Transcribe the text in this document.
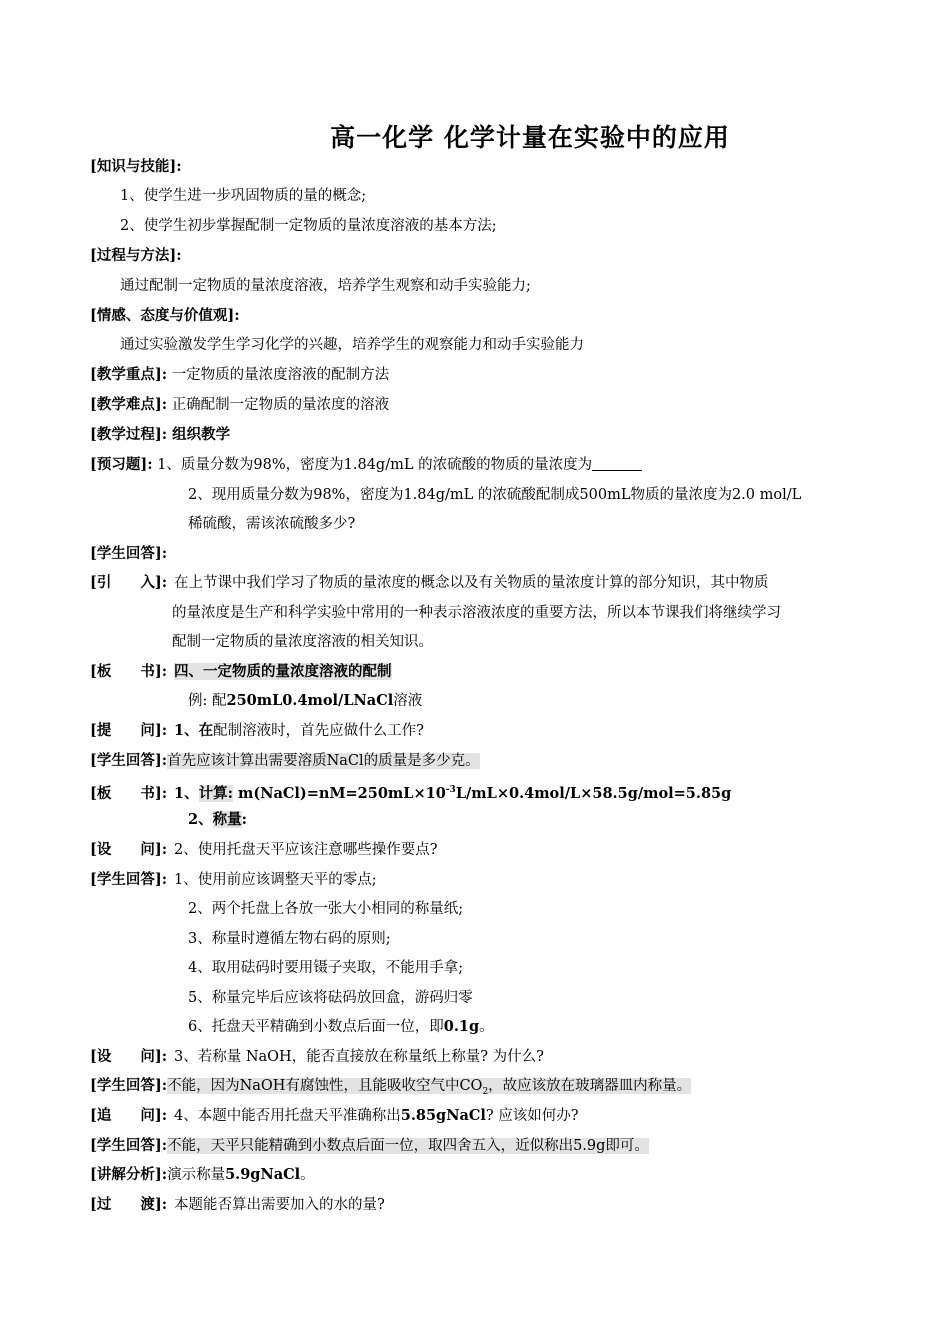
高一化学 化学计量在实验中的应用
[知识与技能]:
1、使学生进一步巩固物质的量的概念;
2、使学生初步掌握配制一定物质的量浓度溶液的基本方法;
[过程与方法]:
通过配制一定物质的量浓度溶液，培养学生观察和动手实验能力;
[情感、态度与价值观]:
通过实验激发学生学习化学的兴趣，培养学生的观察能力和动手实验能力
[教学重点]: 一定物质的量浓度溶液的配制方法
[教学难点]: 正确配制一定物质的量浓度的溶液
[教学过程]: 组织教学
[预习题]: 1、质量分数为98%，密度为1.84g/mL 的浓硫酸的物质的量浓度为
2、现用质量分数为98%，密度为1.84g/mL 的浓硫酸配制成500mL物质的量浓度为2.0 mol/L
稀硫酸，需该浓硫酸多少?
[学生回答]:
[引　　入]: 在上节课中我们学习了物质的量浓度的概念以及有关物质的量浓度计算的部分知识，其中物质
的量浓度是生产和科学实验中常用的一种表示溶液浓度的重要方法，所以本节课我们将继续学习
配制一定物质的量浓度溶液的相关知识。
[板　　书]: 四、一定物质的量浓度溶液的配制
例: 配250mL0.4mol/LNaCl溶液
[提　　问]: 1、在配制溶液时，首先应做什么工作?
[学生回答]:首先应该计算出需要溶质NaCl的质量是多少克。
[板　　书]: 1、计算: $m(NaCl)=nM=250mL\times 10^{-3}L/mL\times 0.4mol/L\times 58.5g/mol=5.85g$
2、称量:
[设　　问]: 2、使用托盘天平应该注意哪些操作要点?
[学生回答]: 1、使用前应该调整天平的零点;
2、两个托盘上各放一张大小相同的称量纸;
3、称量时遵循左物右码的原则;
4、取用砝码时要用镊子夹取，不能用手拿;
5、称量完毕后应该将砝码放回盒，游码归零
6、托盘天平精确到小数点后面一位，即0.1g。
[设　　问]: 3、若称量 NaOH，能否直接放在称量纸上称量? 为什么?
[学生回答]:不能，因为NaOH有腐蚀性，且能吸收空气中$CO_2$，故应该放在玻璃器皿内称量。
[追　　问]: 4、本题中能否用托盘天平准确称出5.85gNaCl? 应该如何办?
[学生回答]:不能，天平只能精确到小数点后面一位，取四舍五入，近似称出5.9g即可。
[讲解分析]:演示称量5.9gNaCl。
[过　　渡]: 本题能否算出需要加入的水的量?
